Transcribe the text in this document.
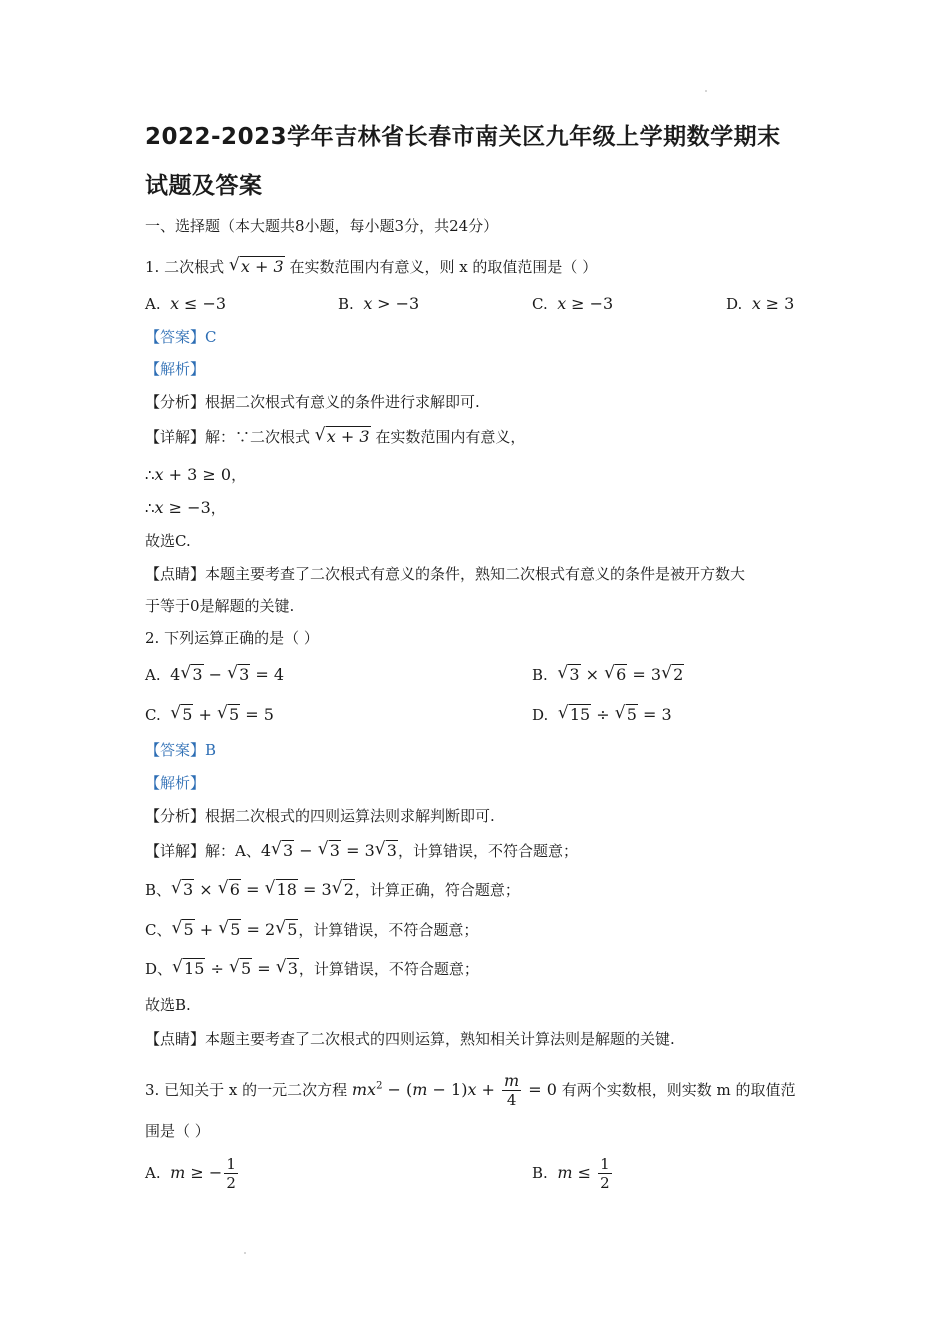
2022-2023学年吉林省长春市南关区九年级上学期数学期末
试题及答案
一、选择题（本大题共8小题，每小题3分，共24分）
1. 二次根式 √ x + 3 在实数范围内有意义，则 x 的取值范围是（ ）
A. x ≤ −3	B. x > −3	C. x ≥ −3	D. x ≥ 3
【答案】C
【解析】
【分析】根据二次根式有意义的条件进行求解即可.
【详解】解：∵二次根式 √ x + 3 在实数范围内有意义，
∴x + 3 ≥ 0，
∴x ≥ −3，
故选C.
【点睛】本题主要考查了二次根式有意义的条件，熟知二次根式有意义的条件是被开方数大
于等于0是解题的关键.
2. 下列运算正确的是（ ）
A. 4 √ 3 − √ 3 = 4	B. √ 3 × √ 6 = 3 √ 2
C. √ 5 + √ 5 = 5	D. √ 15 ÷ √ 5 = 3
【答案】B
【解析】
【分析】根据二次根式的四则运算法则求解判断即可.
【详解】解：A、4 √ 3 − √ 3 = 3 √ 3，计算错误，不符合题意；
B、 √ 3 × √ 6 = √ 18 = 3 √ 2，计算正确，符合题意；
C、 √ 5 + √ 5 = 2 √ 5，计算错误，不符合题意；
D、 √ 15 ÷ √ 5 = √ 3，计算错误，不符合题意；
故选B.
【点睛】本题主要考查了二次根式的四则运算，熟知相关计算法则是解题的关键.
3. 已知关于 x 的一元二次方程 $mx^2 - (m - 1)x + \frac{m}{4} = 0$ 有两个实数根，则实数 m 的取值范
围是（ ）
A. m ≥ − $\frac{1}{2}$	B. $m \le \frac{1}{2}$
